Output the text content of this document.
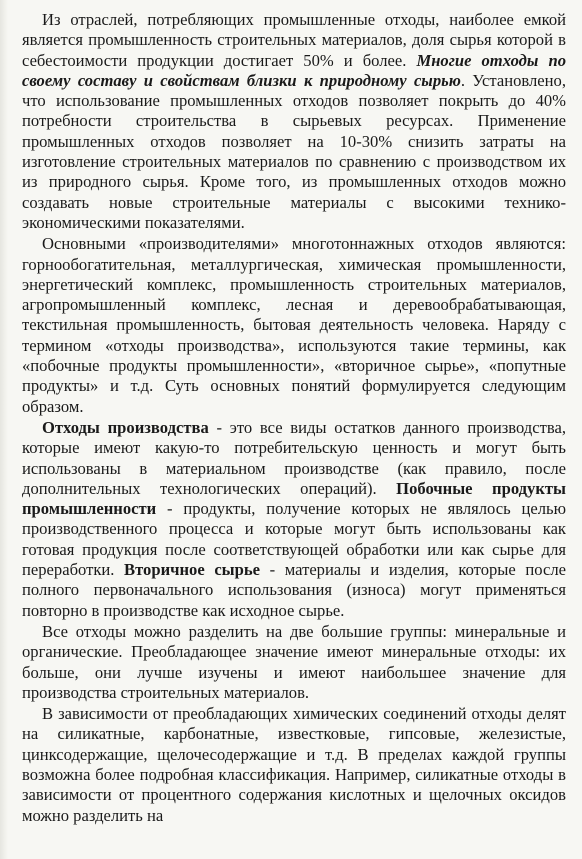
Из отраслей, потребляющих промышленные отходы, наиболее емкой является промышленность строительных материалов, доля сырья которой в себестоимости продукции достигает 50% и более. Многие отходы по своему составу и свойствам близки к природному сырью. Установлено, что использование промышленных отходов позволяет покрыть до 40% потребности строительства в сырьевых ресурсах. Применение промышленных отходов позволяет на 10-30% снизить затраты на изготовление строительных материалов по сравнению с производством их из природного сырья. Кроме того, из промышленных отходов можно создавать новые строительные материалы с высокими технико-экономическими показателями.

Основными «производителями» многотоннажных отходов являются: горнообогатительная, металлургическая, химическая промышленности, энергетический комплекс, промышленность строительных материалов, агропромышленный комплекс, лесная и деревообрабатывающая, текстильная промышленность, бытовая деятельность человека. Наряду с термином «отходы производства», используются такие термины, как «побочные продукты промышленности», «вторичное сырье», «попутные продукты» и т.д. Суть основных понятий формулируется следующим образом.

Отходы производства - это все виды остатков данного производства, которые имеют какую-то потребительскую ценность и могут быть использованы в материальном производстве (как правило, после дополнительных технологических операций). Побочные продукты промышленности - продукты, получение которых не являлось целью производственного процесса и которые могут быть использованы как готовая продукция после соответствующей обработки или как сырье для переработки. Вторичное сырье - материалы и изделия, которые после полного первоначального использования (износа) могут применяться повторно в производстве как исходное сырье.

Все отходы можно разделить на две большие группы: минеральные и органические. Преобладающее значение имеют минеральные отходы: их больше, они лучше изучены и имеют наибольшее значение для производства строительных материалов.

В зависимости от преобладающих химических соединений отходы делят на силикатные, карбонатные, известковые, гипсовые, железистые, цинксодержащие, щелочесодержащие и т.д. В пределах каждой группы возможна более подробная классификация. Например, силикатные отходы в зависимости от процентного содержания кислотных и щелочных оксидов можно разделить на
